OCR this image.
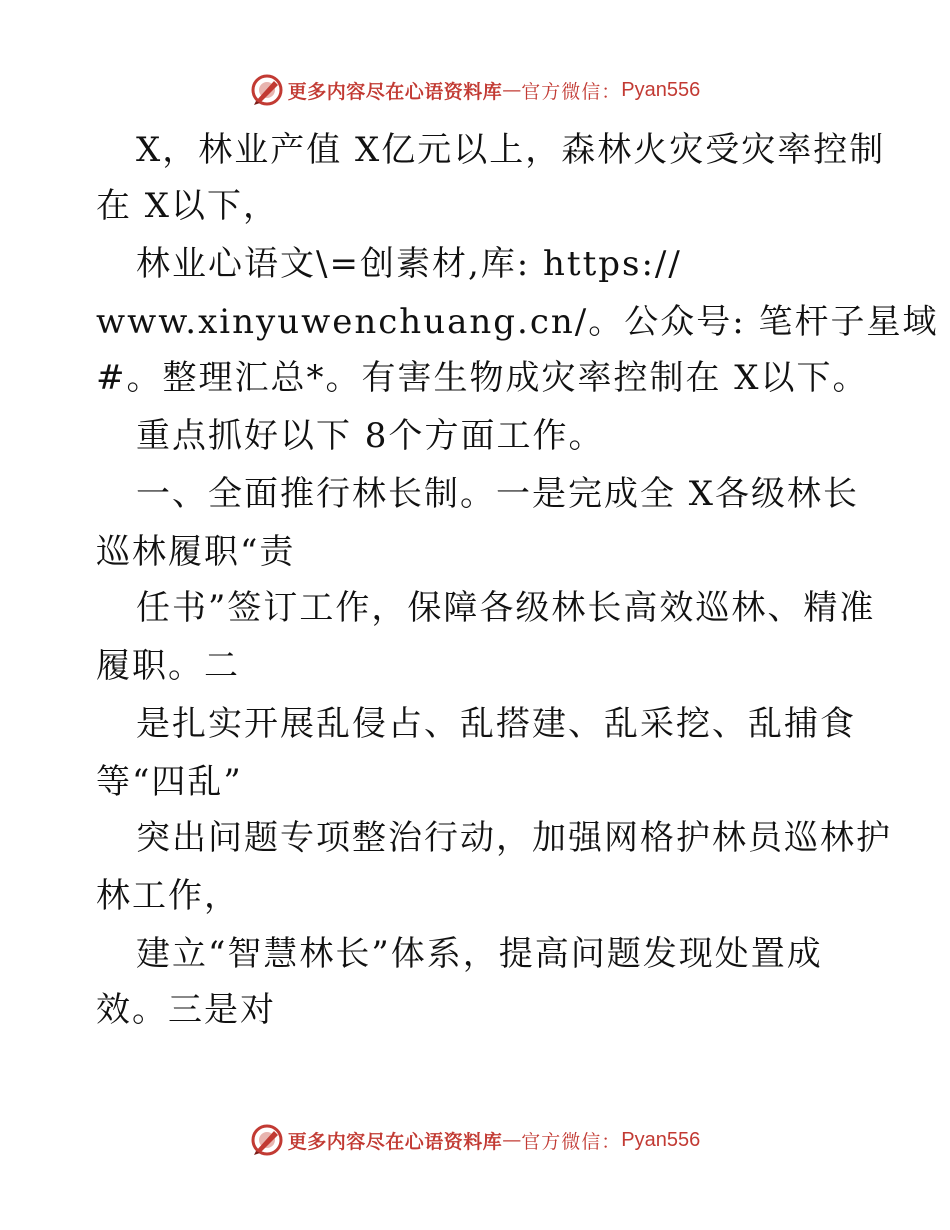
更多内容尽在心语资料库 — 官方微信： Pyan556
X，林业产值 X亿元以上，森林火灾受灾率控制
在 X以下，
林业心语文\=创素材,库: https://
www.xinyuwenchuang.cn/。公众号: 笔杆子星域
#。整理汇总*。有害生物成灾率控制在 X以下。
重点抓好以下 8个方面工作。
一、全面推行林长制。一是完成全 X各级林长
巡林履职“责
任书”签订工作，保障各级林长高效巡林、精准
履职。二
是扎实开展乱侵占、乱搭建、乱采挖、乱捕食
等“四乱”
突出问题专项整治行动，加强网格护林员巡林护
林工作，
建立“智慧林长”体系，提高问题发现处置成
效。三是对
更多内容尽在心语资料库 — 官方微信： Pyan556
